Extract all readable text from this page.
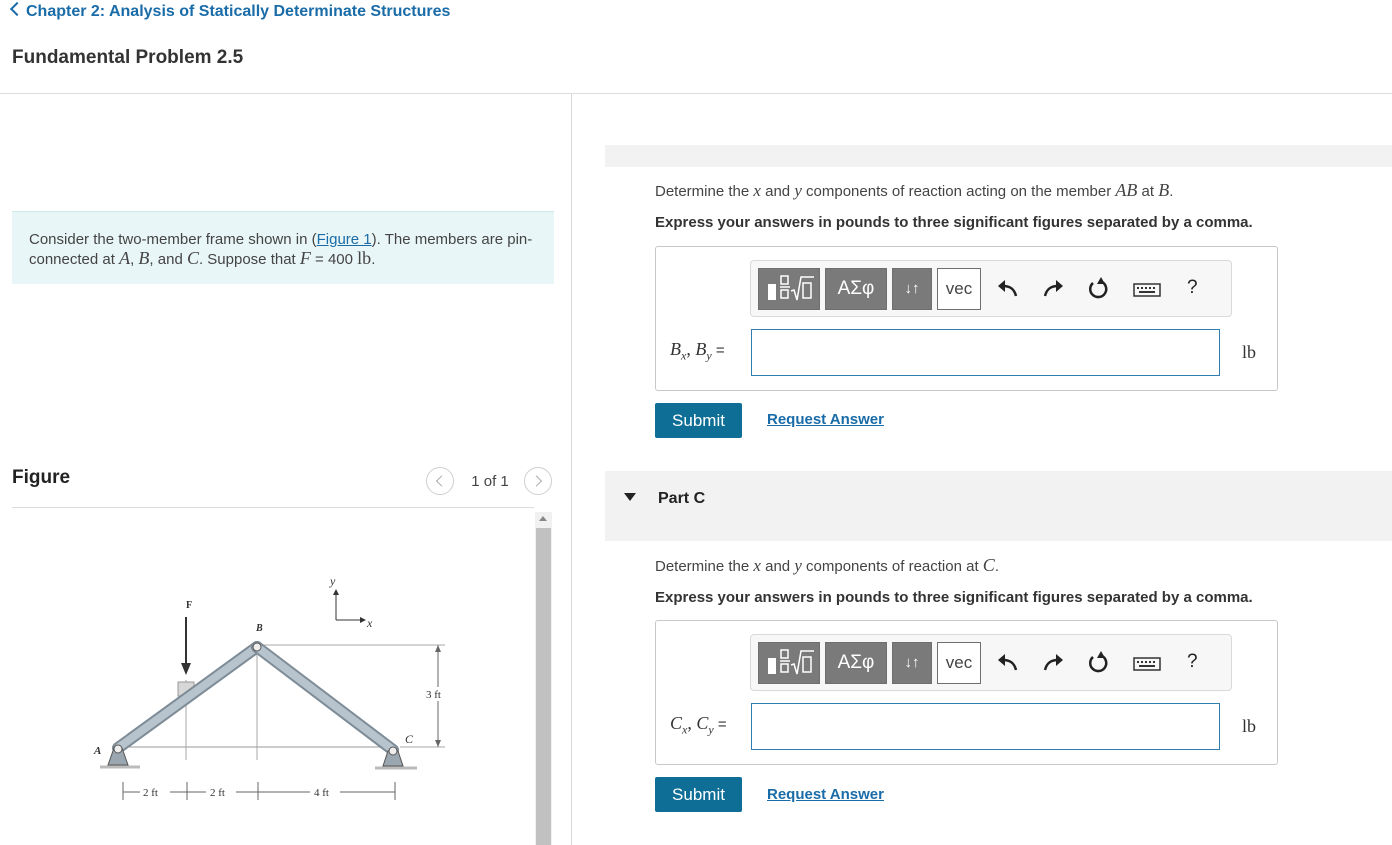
Chapter 2: Analysis of Statically Determinate Structures
Fundamental Problem 2.5
Consider the two-member frame shown in (Figure 1). The members are pin-connected at A, B, and C. Suppose that F = 400 lb.
Figure	1 of 1
y
x
F
B
A
C
3 ft
2 ft	2 ft	4 ft
Determine the x and y components of reaction acting on the member AB at B.
Express your answers in pounds to three significant figures separated by a comma.
ΑΣφ	↓↑	vec	?
$B_x$, $B_y$ =	lb
Submit	Request Answer
Part C
Determine the x and y components of reaction at C.
Express your answers in pounds to three significant figures separated by a comma.
ΑΣφ	↓↑	vec	?
$C_x$, $C_y$ =	lb
Submit	Request Answer
